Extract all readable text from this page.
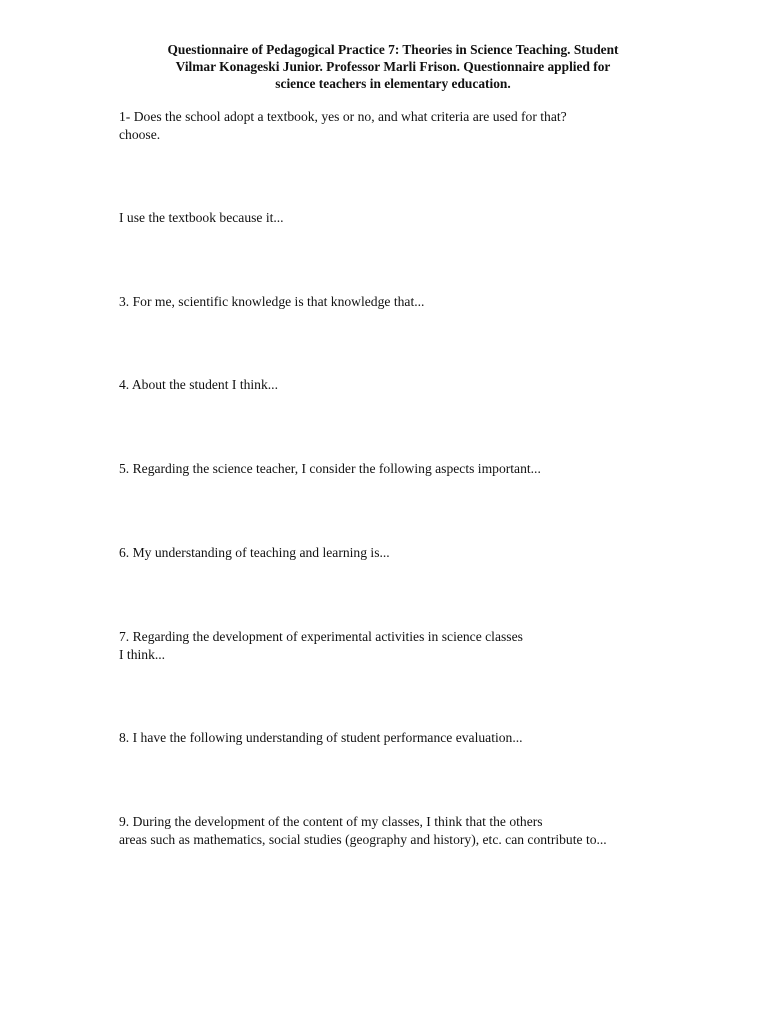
Questionnaire of Pedagogical Practice 7: Theories in Science Teaching. Student
Vilmar Konageski Junior. Professor Marli Frison. Questionnaire applied for
science teachers in elementary education.
1- Does the school adopt a textbook, yes or no, and what criteria are used for that?
choose.
I use the textbook because it...
3. For me, scientific knowledge is that knowledge that...
4. About the student I think...
5. Regarding the science teacher, I consider the following aspects important...
6. My understanding of teaching and learning is...
7. Regarding the development of experimental activities in science classes
I think...
8. I have the following understanding of student performance evaluation...
9. During the development of the content of my classes, I think that the others
areas such as mathematics, social studies (geography and history), etc. can contribute to...
